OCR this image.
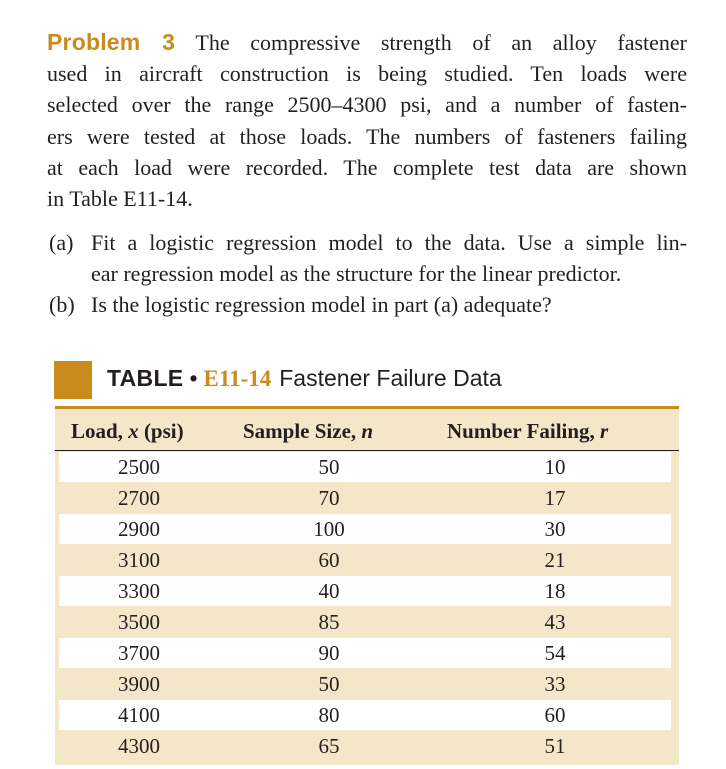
Problem 3 The compressive strength of an alloy fastener
used in aircraft construction is being studied. Ten loads were
selected over the range 2500–4300 psi, and a number of fasten-
ers were tested at those loads. The numbers of fasteners failing
at each load were recorded. The complete test data are shown
in Table E11-14.
(a) Fit a logistic regression model to the data. Use a simple lin-
ear regression model as the structure for the linear predictor.
(b) Is the logistic regression model in part (a) adequate?
TABLE • E11-14 Fastener Failure Data
Load, x (psi)	Sample Size, n	Number Failing, r
2500	50	10
2700	70	17
2900	100	30
3100	60	21
3300	40	18
3500	85	43
3700	90	54
3900	50	33
4100	80	60
4300	65	51
